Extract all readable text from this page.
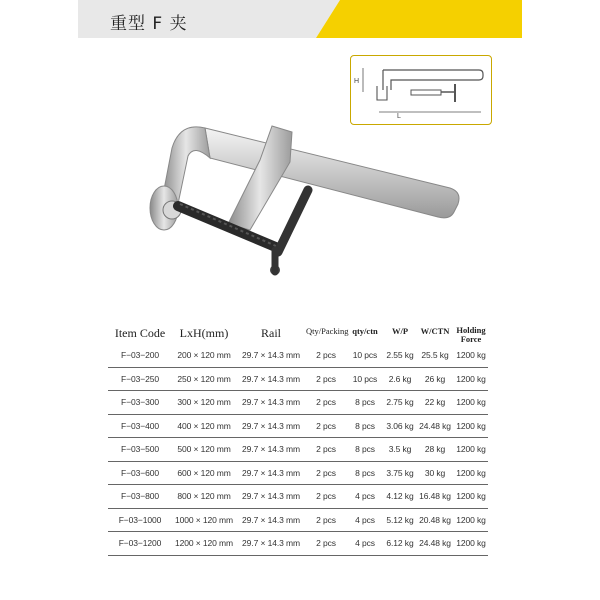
重型 F 夹
H
L
Item Code	LxH(mm)	Rail	Qty/Packing	qty/ctn	W/P	W/CTN	Holding
Force
F−03−200	200 × 120 mm	29.7 × 14.3 mm	2 pcs	10 pcs	2.55 kg	25.5 kg	1200 kg
F−03−250	250 × 120 mm	29.7 × 14.3 mm	2 pcs	10 pcs	2.6 kg	26 kg	1200 kg
F−03−300	300 × 120 mm	29.7 × 14.3 mm	2 pcs	8 pcs	2.75 kg	22 kg	1200 kg
F−03−400	400 × 120 mm	29.7 × 14.3 mm	2 pcs	8 pcs	3.06 kg	24.48 kg	1200 kg
F−03−500	500 × 120 mm	29.7 × 14.3 mm	2 pcs	8 pcs	3.5 kg	28 kg	1200 kg
F−03−600	600 × 120 mm	29.7 × 14.3 mm	2 pcs	8 pcs	3.75 kg	30 kg	1200 kg
F−03−800	800 × 120 mm	29.7 × 14.3 mm	2 pcs	4 pcs	4.12 kg	16.48 kg	1200 kg
F−03−1000	1000 × 120 mm	29.7 × 14.3 mm	2 pcs	4 pcs	5.12 kg	20.48 kg	1200 kg
F−03−1200	1200 × 120 mm	29.7 × 14.3 mm	2 pcs	4 pcs	6.12 kg	24.48 kg	1200 kg
